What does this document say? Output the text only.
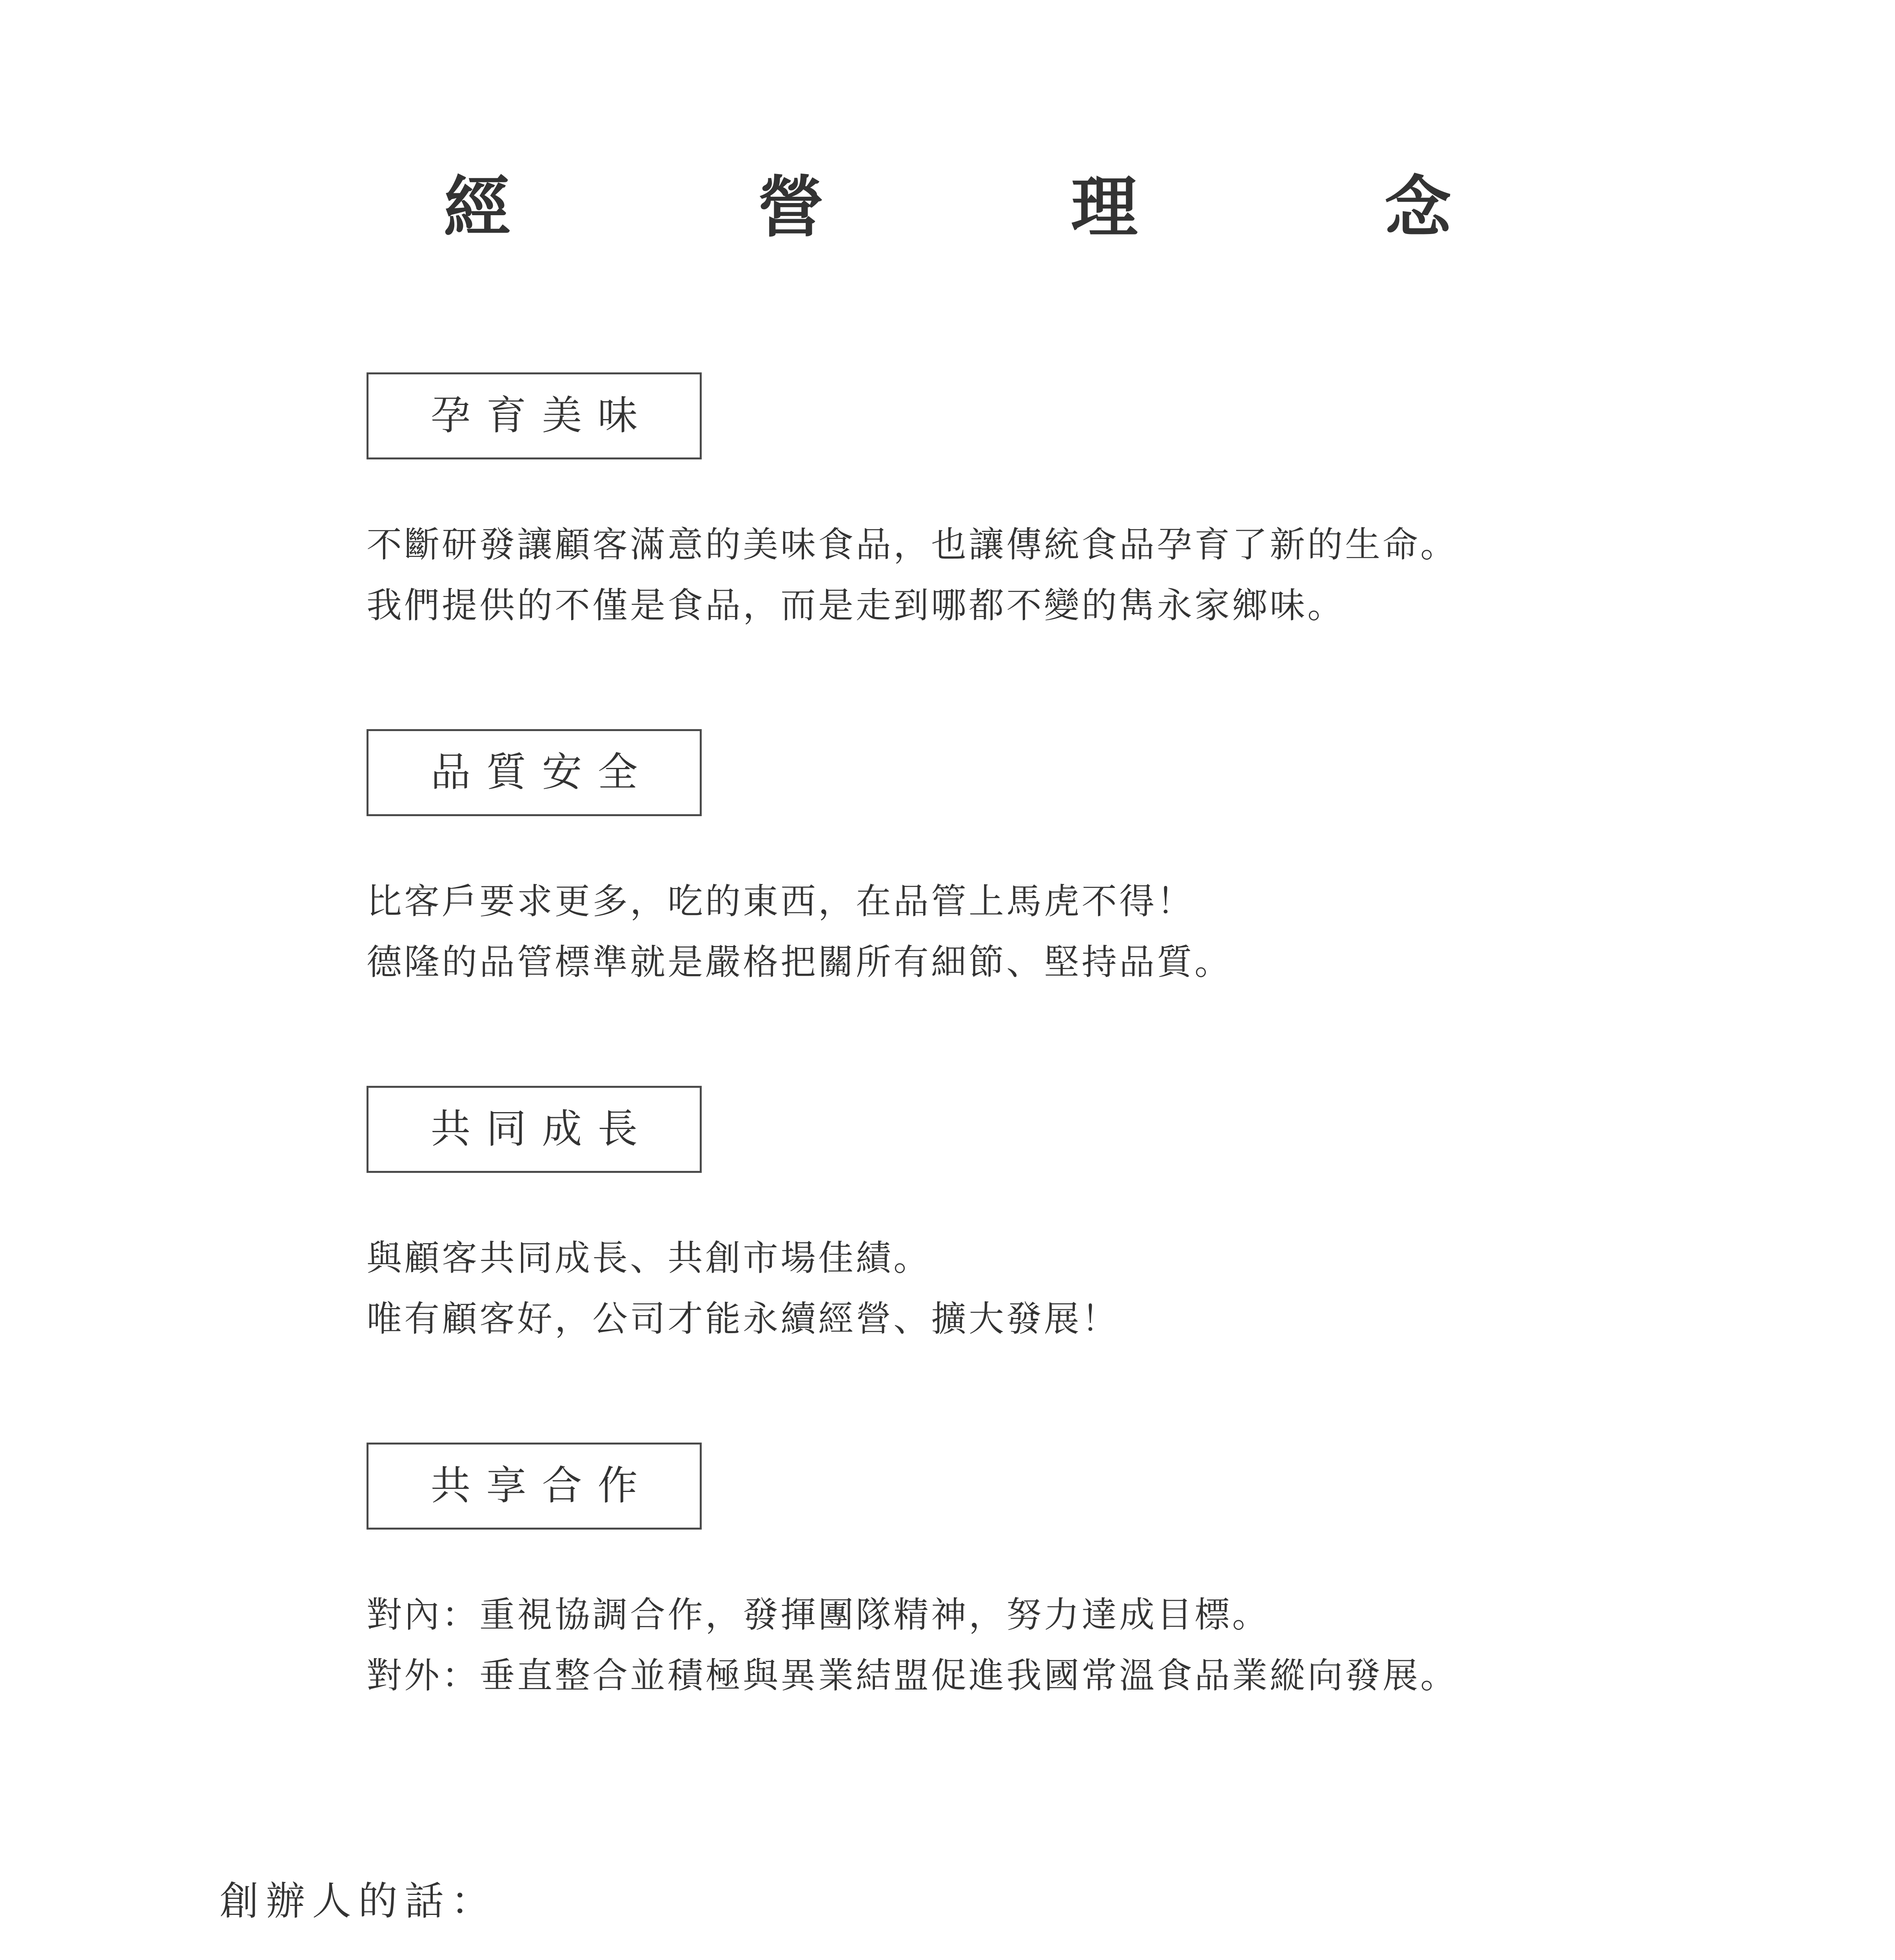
經　營　理　念
孕育美味
不斷研發讓顧客滿意的美味食品，也讓傳統食品孕育了新的生命。
我們提供的不僅是食品，而是走到哪都不變的雋永家鄉味。
品質安全
比客戶要求更多，吃的東西，在品管上馬虎不得！
德隆的品管標準就是嚴格把關所有細節、堅持品質。
共同成長
與顧客共同成長、共創市場佳績。
唯有顧客好，公司才能永續經營、擴大發展！
共享合作
對內：重視協調合作，發揮團隊精神，努力達成目標。
對外：垂直整合並積極與異業結盟促進我國常溫食品業縱向發展。
創辦人的話：
